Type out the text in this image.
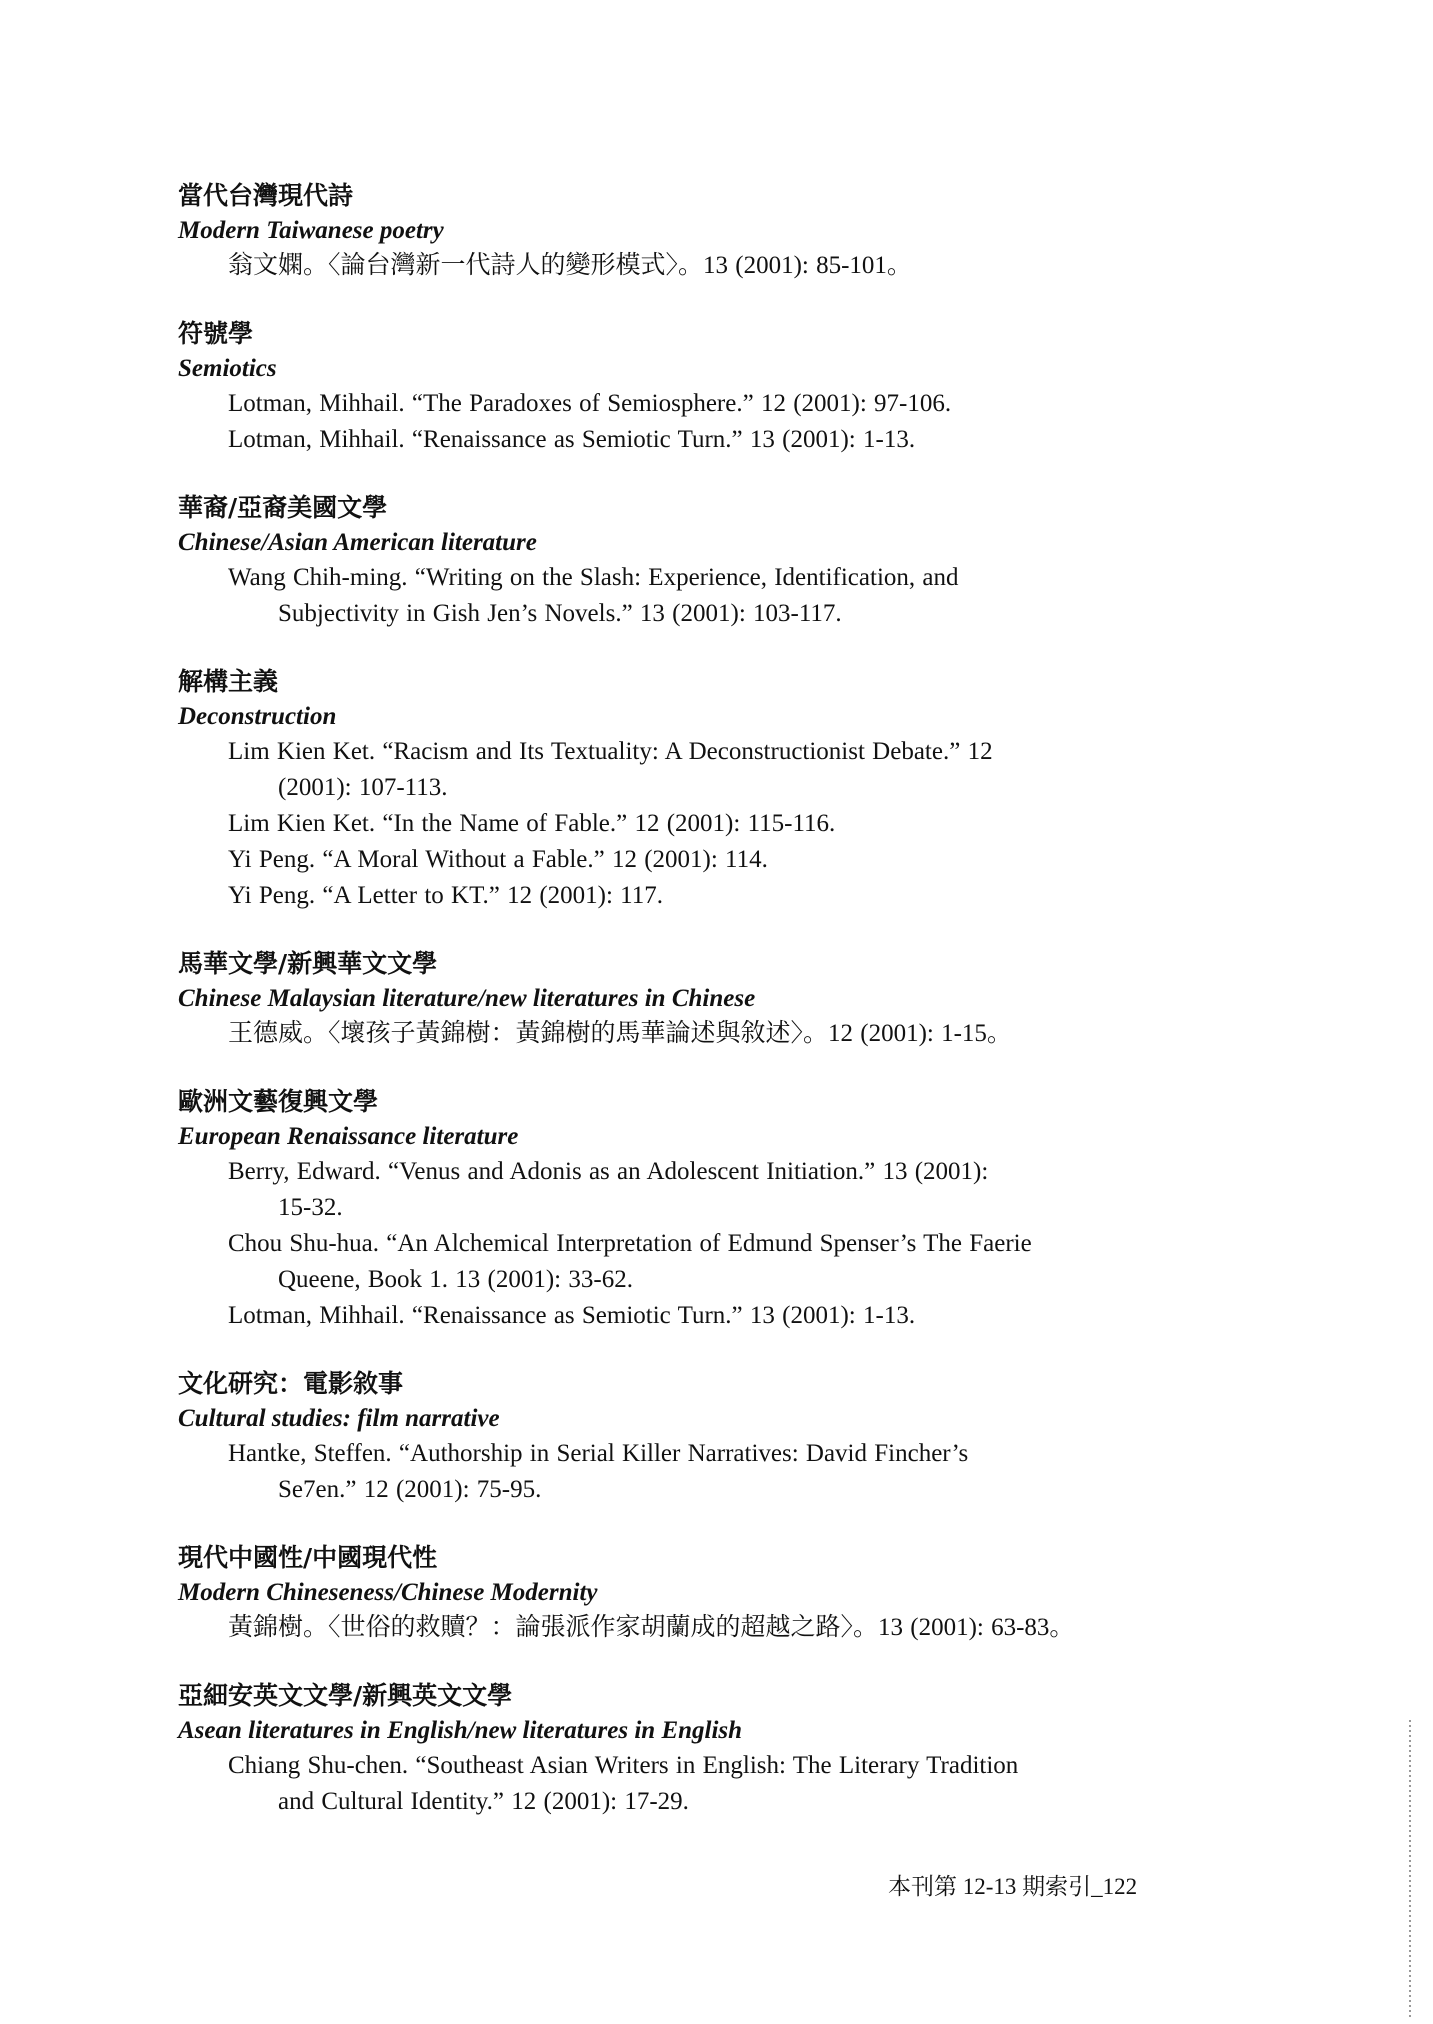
當代台灣現代詩
Modern Taiwanese poetry
翁文嫻。〈論台灣新一代詩人的變形模式〉。13 (2001): 85-101。
符號學
Semiotics
Lotman, Mihhail. “The Paradoxes of Semiosphere.” 12 (2001): 97-106.
Lotman, Mihhail. “Renaissance as Semiotic Turn.” 13 (2001): 1-13.
華裔/亞裔美國文學
Chinese/Asian American literature
Wang Chih-ming. “Writing on the Slash: Experience, Identification, and
Subjectivity in Gish Jen’s Novels.” 13 (2001): 103-117.
解構主義
Deconstruction
Lim Kien Ket. “Racism and Its Textuality: A Deconstructionist Debate.” 12
(2001): 107-113.
Lim Kien Ket. “In the Name of Fable.” 12 (2001): 115-116.
Yi Peng. “A Moral Without a Fable.” 12 (2001): 114.
Yi Peng. “A Letter to KT.” 12 (2001): 117.
馬華文學/新興華文文學
Chinese Malaysian literature/new literatures in Chinese
王德威。〈壞孩子黃錦樹：黃錦樹的馬華論述與敘述〉。12 (2001): 1-15。
歐洲文藝復興文學
European Renaissance literature
Berry, Edward. “Venus and Adonis as an Adolescent Initiation.” 13 (2001):
15-32.
Chou Shu-hua. “An Alchemical Interpretation of Edmund Spenser’s The Faerie
Queene, Book 1. 13 (2001): 33-62.
Lotman, Mihhail. “Renaissance as Semiotic Turn.” 13 (2001): 1-13.
文化研究：電影敘事
Cultural studies: film narrative
Hantke, Steffen. “Authorship in Serial Killer Narratives: David Fincher’s
Se7en.” 12 (2001): 75-95.
現代中國性/中國現代性
Modern Chineseness/Chinese Modernity
黃錦樹。〈世俗的救贖？：論張派作家胡蘭成的超越之路〉。13 (2001): 63-83。
亞細安英文文學/新興英文文學
Asean literatures in English/new literatures in English
Chiang Shu-chen. “Southeast Asian Writers in English: The Literary Tradition
and Cultural Identity.” 12 (2001): 17-29.
本刊第 12-13 期索引_122
